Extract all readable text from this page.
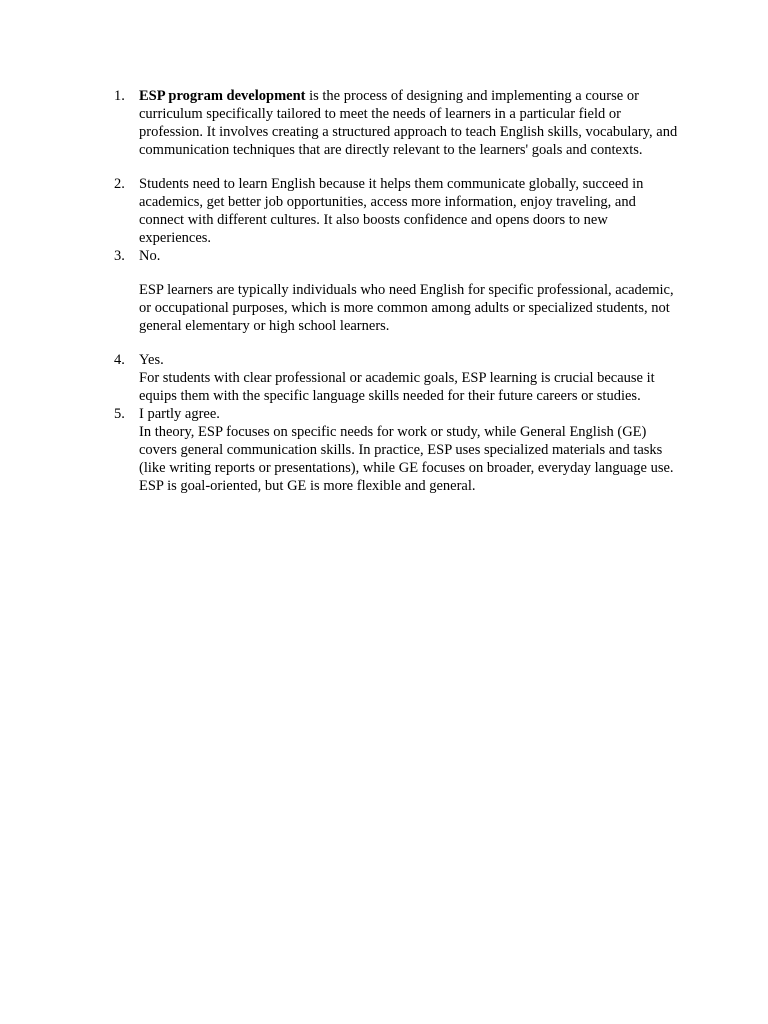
1. ESP program development is the process of designing and implementing a course or curriculum specifically tailored to meet the needs of learners in a particular field or profession. It involves creating a structured approach to teach English skills, vocabulary, and communication techniques that are directly relevant to the learners' goals and contexts.

2. Students need to learn English because it helps them communicate globally, succeed in academics, get better job opportunities, access more information, enjoy traveling, and connect with different cultures. It also boosts confidence and opens doors to new experiences.

3. No.

ESP learners are typically individuals who need English for specific professional, academic, or occupational purposes, which is more common among adults or specialized students, not general elementary or high school learners.

4. Yes.

For students with clear professional or academic goals, ESP learning is crucial because it equips them with the specific language skills needed for their future careers or studies.

5. I partly agree.

In theory, ESP focuses on specific needs for work or study, while General English (GE) covers general communication skills. In practice, ESP uses specialized materials and tasks (like writing reports or presentations), while GE focuses on broader, everyday language use. ESP is goal-oriented, but GE is more flexible and general.
